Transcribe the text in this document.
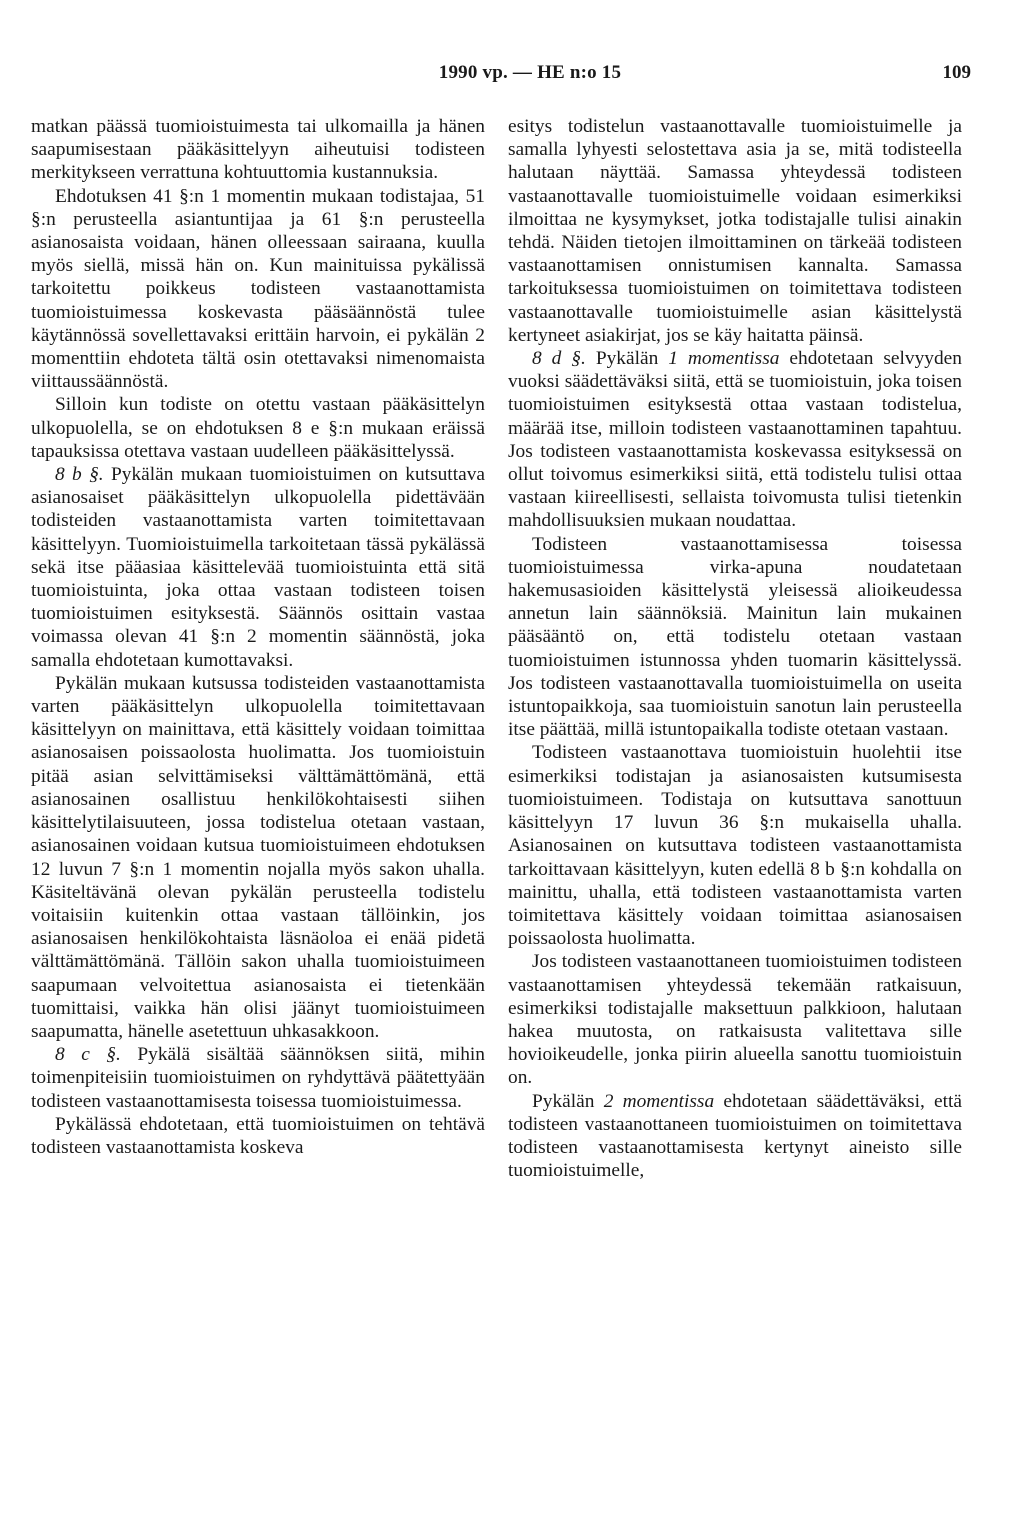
1990 vp. — HE n:o 15	109

matkan päässä tuomioistuimesta tai ulkomailla ja hänen saapumisestaan pääkäsittelyyn aiheutuisi todisteen merkitykseen verrattuna kohtuuttomia kustannuksia.

Ehdotuksen 41 §:n 1 momentin mukaan todistajaa, 51 §:n perusteella asiantuntijaa ja 61 §:n perusteella asianosaista voidaan, hänen olleessaan sairaana, kuulla myös siellä, missä hän on. Kun mainituissa pykälissä tarkoitettu poikkeus todisteen vastaanottamista tuomioistuimessa koskevasta pääsäännöstä tulee käytännössä sovellettavaksi erittäin harvoin, ei pykälän 2 momenttiin ehdoteta tältä osin otettavaksi nimenomaista viittaussäännöstä.

Silloin kun todiste on otettu vastaan pääkäsittelyn ulkopuolella, se on ehdotuksen 8 e §:n mukaan eräissä tapauksissa otettava vastaan uudelleen pääkäsittelyssä.

8 b §. Pykälän mukaan tuomioistuimen on kutsuttava asianosaiset pääkäsittelyn ulkopuolella pidettävään todisteiden vastaanottamista varten toimitettavaan käsittelyyn. Tuomioistuimella tarkoitetaan tässä pykälässä sekä itse pääasiaa käsittelevää tuomioistuinta että sitä tuomioistuinta, joka ottaa vastaan todisteen toisen tuomioistuimen esityksestä. Säännös osittain vastaa voimassa olevan 41 §:n 2 momentin säännöstä, joka samalla ehdotetaan kumottavaksi.

Pykälän mukaan kutsussa todisteiden vastaanottamista varten pääkäsittelyn ulkopuolella toimitettavaan käsittelyyn on mainittava, että käsittely voidaan toimittaa asianosaisen poissaolosta huolimatta. Jos tuomioistuin pitää asian selvittämiseksi välttämättömänä, että asianosainen osallistuu henkilökohtaisesti siihen käsittelytilaisuuteen, jossa todistelua otetaan vastaan, asianosainen voidaan kutsua tuomioistuimeen ehdotuksen 12 luvun 7 §:n 1 momentin nojalla myös sakon uhalla. Käsiteltävänä olevan pykälän perusteella todistelu voitaisiin kuitenkin ottaa vastaan tällöinkin, jos asianosaisen henkilökohtaista läsnäoloa ei enää pidetä välttämättömänä. Tällöin sakon uhalla tuomioistuimeen saapumaan velvoitettua asianosaista ei tietenkään tuomittaisi, vaikka hän olisi jäänyt tuomioistuimeen saapumatta, hänelle asetettuun uhkasakkoon.

8 c §. Pykälä sisältää säännöksen siitä, mihin toimenpiteisiin tuomioistuimen on ryhdyttävä päätettyään todisteen vastaanottamisesta toisessa tuomioistuimessa.

Pykälässä ehdotetaan, että tuomioistuimen on tehtävä todisteen vastaanottamista koskeva

esitys todistelun vastaanottavalle tuomioistuimelle ja samalla lyhyesti selostettava asia ja se, mitä todisteella halutaan näyttää. Samassa yhteydessä todisteen vastaanottavalle tuomioistuimelle voidaan esimerkiksi ilmoittaa ne kysymykset, jotka todistajalle tulisi ainakin tehdä. Näiden tietojen ilmoittaminen on tärkeää todisteen vastaanottamisen onnistumisen kannalta. Samassa tarkoituksessa tuomioistuimen on toimitettava todisteen vastaanottavalle tuomioistuimelle asian käsittelystä kertyneet asiakirjat, jos se käy haitatta päinsä.

8 d §. Pykälän 1 momentissa ehdotetaan selvyyden vuoksi säädettäväksi siitä, että se tuomioistuin, joka toisen tuomioistuimen esityksestä ottaa vastaan todistelua, määrää itse, milloin todisteen vastaanottaminen tapahtuu. Jos todisteen vastaanottamista koskevassa esityksessä on ollut toivomus esimerkiksi siitä, että todistelu tulisi ottaa vastaan kiireellisesti, sellaista toivomusta tulisi tietenkin mahdollisuuksien mukaan noudattaa.

Todisteen vastaanottamisessa toisessa tuomioistuimessa virka-apuna noudatetaan hakemusasioiden käsittelystä yleisessä alioikeudessa annetun lain säännöksiä. Mainitun lain mukainen pääsääntö on, että todistelu otetaan vastaan tuomioistuimen istunnossa yhden tuomarin käsittelyssä. Jos todisteen vastaanottavalla tuomioistuimella on useita istuntopaikkoja, saa tuomioistuin sanotun lain perusteella itse päättää, millä istuntopaikalla todiste otetaan vastaan.

Todisteen vastaanottava tuomioistuin huolehtii itse esimerkiksi todistajan ja asianosaisten kutsumisesta tuomioistuimeen. Todistaja on kutsuttava sanottuun käsittelyyn 17 luvun 36 §:n mukaisella uhalla. Asianosainen on kutsuttava todisteen vastaanottamista tarkoittavaan käsittelyyn, kuten edellä 8 b §:n kohdalla on mainittu, uhalla, että todisteen vastaanottamista varten toimitettava käsittely voidaan toimittaa asianosaisen poissaolosta huolimatta.

Jos todisteen vastaanottaneen tuomioistuimen todisteen vastaanottamisen yhteydessä tekemään ratkaisuun, esimerkiksi todistajalle maksettuun palkkioon, halutaan hakea muutosta, on ratkaisusta valitettava sille hovioikeudelle, jonka piirin alueella sanottu tuomioistuin on.

Pykälän 2 momentissa ehdotetaan säädettäväksi, että todisteen vastaanottaneen tuomioistuimen on toimitettava todisteen vastaanottamisesta kertynyt aineisto sille tuomioistuimelle,
